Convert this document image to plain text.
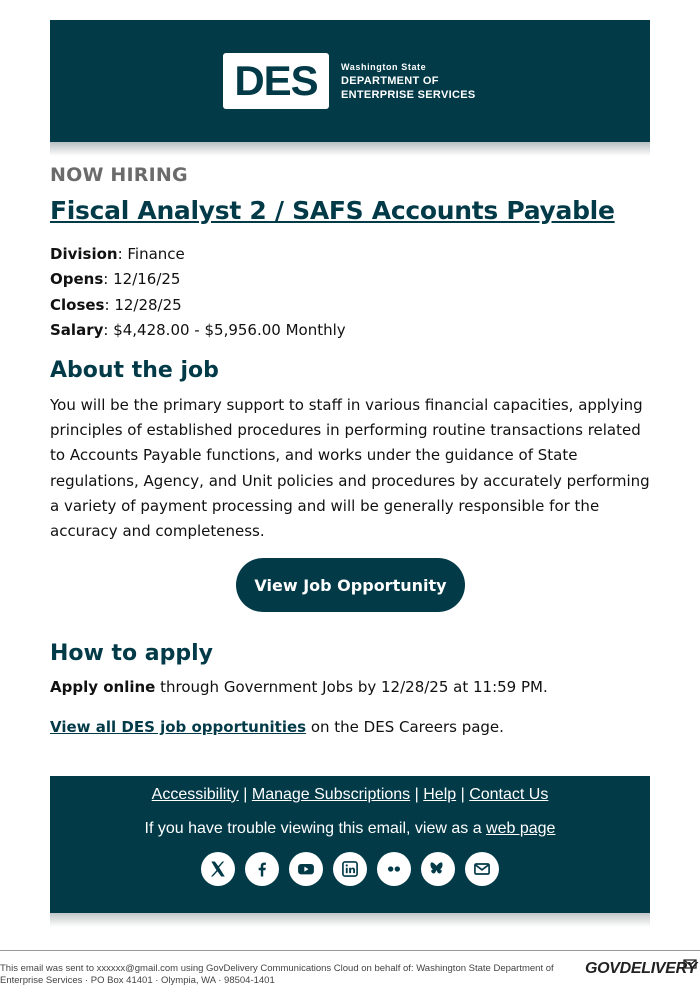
DES	Washington State
DEPARTMENT OF
ENTERPRISE SERVICES
NOW HIRING
Fiscal Analyst 2 / SAFS Accounts Payable
Division: Finance
Opens: 12/16/25
Closes: 12/28/25
Salary: $4,428.00 - $5,956.00 Monthly
About the job

You will be the primary support to staff in various financial capacities, applying principles of established procedures in performing routine transactions related to Accounts Payable functions, and works under the guidance of State regulations, Agency, and Unit policies and procedures by accurately performing a variety of payment processing and will be generally responsible for the accuracy and completeness.

View Job Opportunity
How to apply

Apply online through Government Jobs by 12/28/25 at 11:59 PM.

View all DES job opportunities on the DES Careers page.

Accessibility | Manage Subscriptions | Help | Contact Us
If you have trouble viewing this email, view as a web page
This email was sent to xxxxxx@gmail.com using GovDelivery Communications Cloud on behalf of: Washington State Department of Enterprise Services · PO Box 41401 · Olympia, WA · 98504-1401
GOVDELIVERY
